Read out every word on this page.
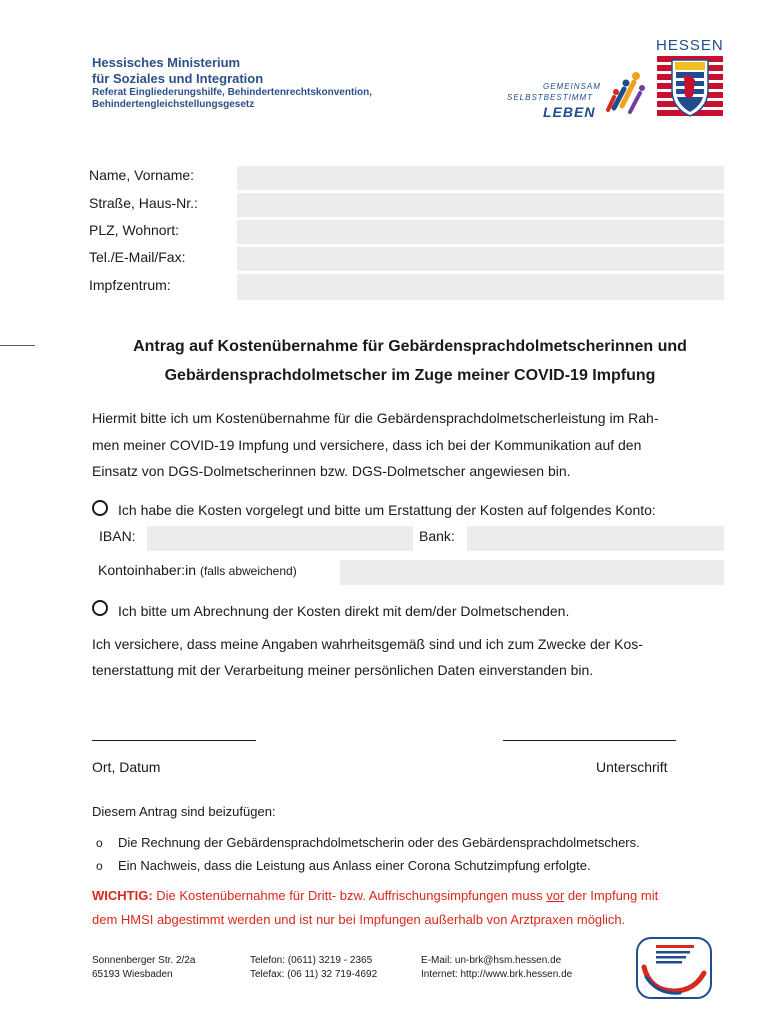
Hessisches Ministerium
für Soziales und Integration
Referat Eingliederungshilfe, Behindertenrechtskonvention,
Behindertengleichstellungsgesetz
GEMEINSAM
SELBSTBESTIMMT
LEBEN
HESSEN
Name, Vorname:
Straße, Haus-Nr.:
PLZ, Wohnort:
Tel./E-Mail/Fax:
Impfzentrum:
Antrag auf Kostenübernahme für Gebärdensprachdolmetscherinnen und
Gebärdensprachdolmetscher im Zuge meiner COVID-19 Impfung
Hiermit bitte ich um Kostenübernahme für die Gebärdensprachdolmetscherleistung im Rah-
men meiner COVID-19 Impfung und versichere, dass ich bei der Kommunikation auf den
Einsatz von DGS-Dolmetscherinnen bzw. DGS-Dolmetscher angewiesen bin.
Ich habe die Kosten vorgelegt und bitte um Erstattung der Kosten auf folgendes Konto:
IBAN:	Bank:
Kontoinhaber:in (falls abweichend)
Ich bitte um Abrechnung der Kosten direkt mit dem/der Dolmetschenden.
Ich versichere, dass meine Angaben wahrheitsgemäß sind und ich zum Zwecke der Kos-
tenerstattung mit der Verarbeitung meiner persönlichen Daten einverstanden bin.
Ort, Datum	Unterschrift
Diesem Antrag sind beizufügen:
o Die Rechnung der Gebärdensprachdolmetscherin oder des Gebärdensprachdolmetschers.
o Ein Nachweis, dass die Leistung aus Anlass einer Corona Schutzimpfung erfolgte.
WICHTIG: Die Kostenübernahme für Dritt- bzw. Auffrischungsimpfungen muss vor der Impfung mit
dem HMSI abgestimmt werden und ist nur bei Impfungen außerhalb von Arztpraxen möglich.
Sonnenberger Str. 2/2a
65193 Wiesbaden
Telefon: (0611) 3219 - 2365
Telefax: (06 11) 32 719-4692
E-Mail: un-brk@hsm.hessen.de
Internet: http://www.brk.hessen.de
